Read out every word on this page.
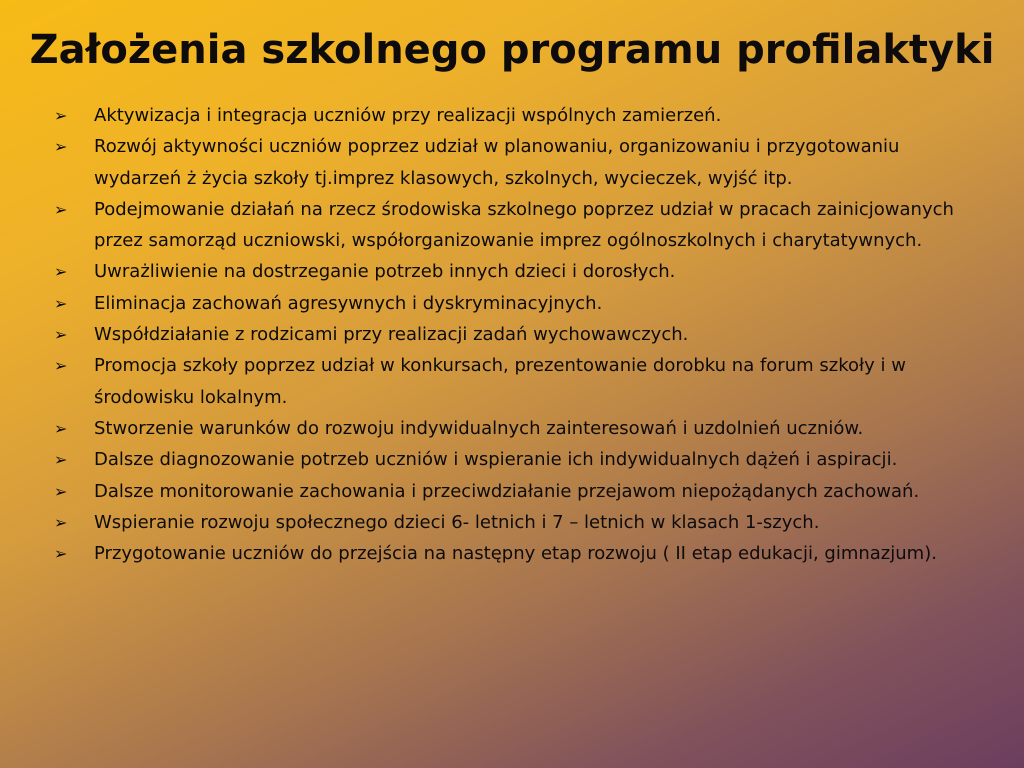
Założenia szkolnego programu profilaktyki
➢ Aktywizacja i integracja uczniów przy realizacji wspólnych zamierzeń.
➢ Rozwój aktywności uczniów poprzez udział w planowaniu, organizowaniu i przygotowaniu wydarzeń ż życia szkoły tj.imprez klasowych, szkolnych, wycieczek, wyjść itp.
➢ Podejmowanie działań na rzecz środowiska szkolnego poprzez udział w pracach zainicjowanych przez samorząd uczniowski, współorganizowanie imprez ogólnoszkolnych i charytatywnych.
➢ Uwrażliwienie na dostrzeganie potrzeb innych dzieci i dorosłych.
➢ Eliminacja zachowań agresywnych i dyskryminacyjnych.
➢ Współdziałanie z rodzicami przy realizacji zadań wychowawczych.
➢ Promocja szkoły poprzez udział w konkursach, prezentowanie dorobku na forum szkoły i w środowisku lokalnym.
➢ Stworzenie warunków do rozwoju indywidualnych zainteresowań i uzdolnień uczniów.
➢ Dalsze diagnozowanie potrzeb uczniów i wspieranie ich indywidualnych dążeń i aspiracji.
➢ Dalsze monitorowanie zachowania i przeciwdziałanie przejawom niepożądanych zachowań.
➢ Wspieranie rozwoju społecznego dzieci 6- letnich i 7 – letnich w klasach 1-szych.
➢ Przygotowanie uczniów do przejścia na następny etap rozwoju ( II etap edukacji, gimnazjum).
